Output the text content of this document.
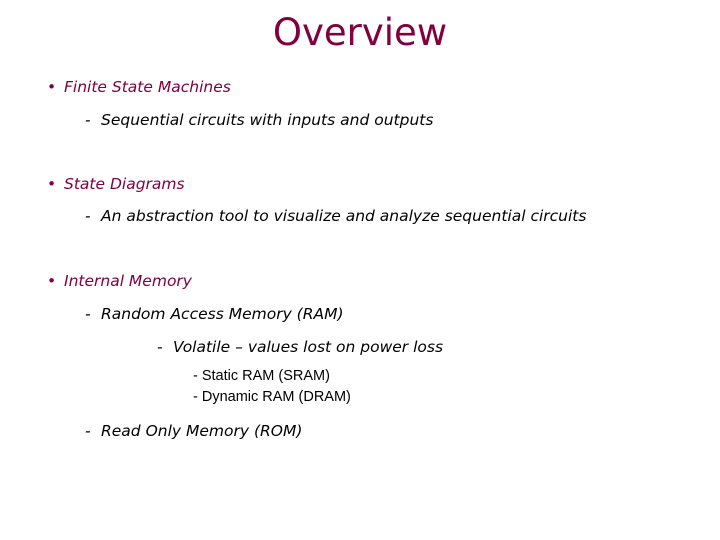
Overview
• Finite State Machines
- Sequential circuits with inputs and outputs
• State Diagrams
- An abstraction tool to visualize and analyze sequential circuits
• Internal Memory
- Random Access Memory (RAM)
- Volatile – values lost on power loss
- Static RAM (SRAM)
- Dynamic RAM (DRAM)
- Read Only Memory (ROM)
